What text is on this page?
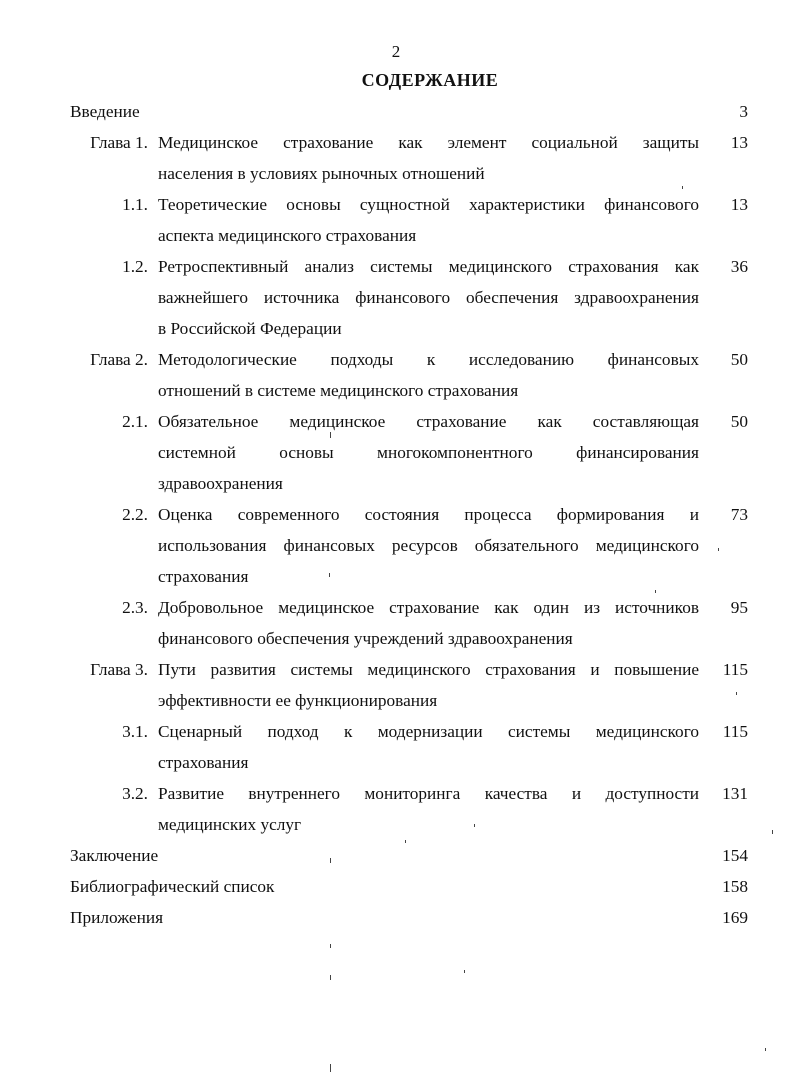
2
СОДЕРЖАНИЕ
Введение	3
Глава 1. Медицинское страхование как элемент социальной защиты
населения в условиях рыночных отношений
13
1.1. Теоретические основы сущностной характеристики финансового
аспекта медицинского страхования
13
1.2. Ретроспективный анализ системы медицинского страхования как
важнейшего источника финансового обеспечения здравоохранения
в Российской Федерации
36
Глава 2. Методологические подходы к исследованию финансовых
отношений в системе медицинского страхования
50
2.1. Обязательное медицинское страхование как составляющая
системной основы многокомпонентного финансирования
здравоохранения
50
2.2. Оценка современного состояния процесса формирования и
использования финансовых ресурсов обязательного медицинского
страхования
73
2.3. Добровольное медицинское страхование как один из источников
финансового обеспечения учреждений здравоохранения
95
Глава 3. Пути развития системы медицинского страхования и повышение
эффективности ее функционирования
115
3.1. Сценарный подход к модернизации системы медицинского
страхования
115
3.2. Развитие внутреннего мониторинга качества и доступности
медицинских услуг
131
Заключение	154
Библиографический список	158
Приложения	169
